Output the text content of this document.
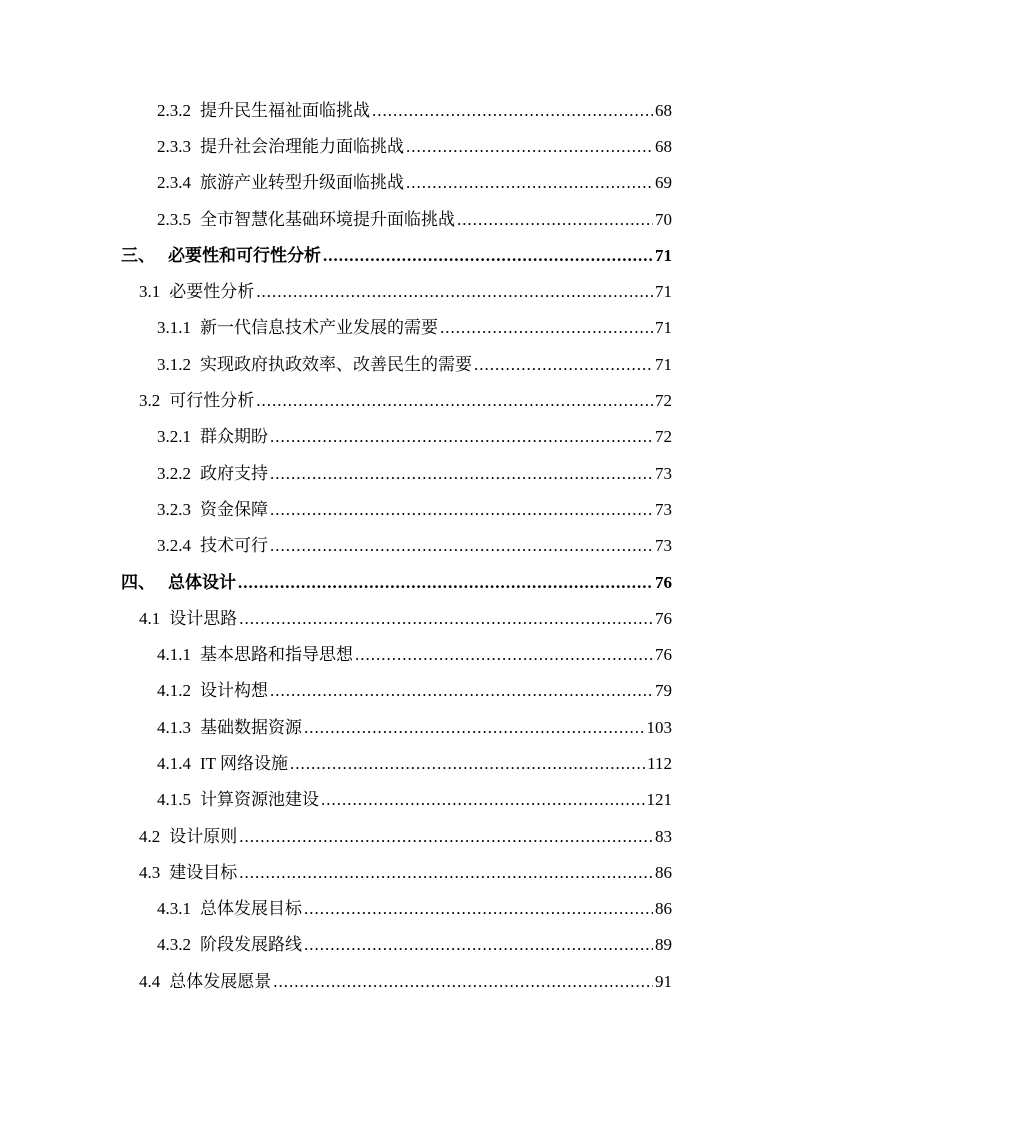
2.3.2 提升民生福祉面临挑战 .....	68
2.3.3 提升社会治理能力面临挑战 .....	68
2.3.4 旅游产业转型升级面临挑战 .....	69
2.3.5 全市智慧化基础环境提升面临挑战 .....	70
三、 必要性和可行性分析 .....	71
3.1 必要性分析 .....	71
3.1.1 新一代信息技术产业发展的需要 .....	71
3.1.2 实现政府执政效率、改善民生的需要 .....	71
3.2 可行性分析 .....	72
3.2.1 群众期盼 .....	72
3.2.2 政府支持 .....	73
3.2.3 资金保障 .....	73
3.2.4 技术可行 .....	73
四、 总体设计 .....	76
4.1 设计思路 .....	76
4.1.1 基本思路和指导思想 .....	76
4.1.2 设计构想 .....	79
4.1.3 基础数据资源 .....	103
4.1.4 IT 网络设施 .....	112
4.1.5 计算资源池建设 .....	121
4.2 设计原则 .....	83
4.3 建设目标 .....	86
4.3.1 总体发展目标 .....	86
4.3.2 阶段发展路线 .....	89
4.4 总体发展愿景 .....	91
